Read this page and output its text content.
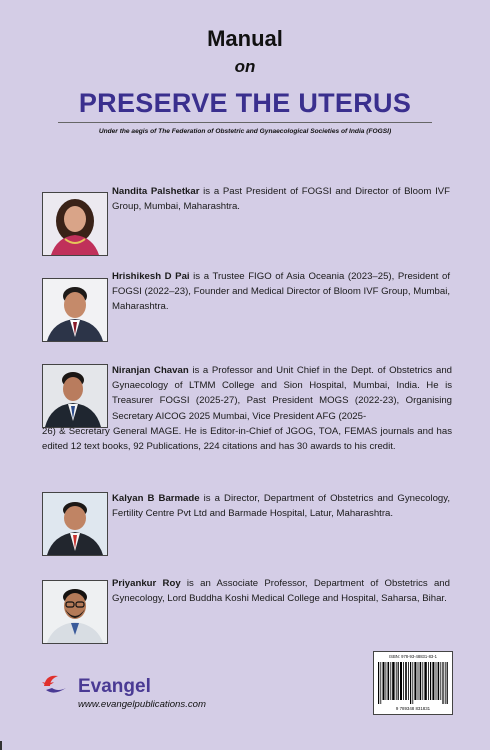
Manual
on
PRESERVE THE UTERUS
Under the aegis of The Federation of Obstetric and Gynaecological Societies of India (FOGSI)
Nandita Palshetkar is a Past President of FOGSI and Director of Bloom IVF Group, Mumbai, Maharashtra.
Hrishikesh D Pai is a Trustee FIGO of Asia Oceania (2023–25), President of FOGSI (2022–23), Founder and Medical Director of Bloom IVF Group, Mumbai, Maharashtra.
Niranjan Chavan is a Professor and Unit Chief in the Dept. of Obstetrics and Gynaecology of LTMM College and Sion Hospital, Mumbai, India. He is Treasurer FOGSI (2025-27), Past President MOGS (2022-23), Organising Secretary AICOG 2025 Mumbai, Vice President AFG (2025-
26) & Secretary General MAGE. He is Editor-in-Chief of JGOG, TOA, FEMAS journals and has edited 12 text books, 92 Publications, 224 citations and has 30 awards to his credit.
Kalyan B Barmade is a Director, Department of Obstetrics and Gynecology, Fertility Centre Pvt Ltd and Barmade Hospital, Latur, Maharashtra.
Priyankur Roy is an Associate Professor, Department of Obstetrics and Gynecology, Lord Buddha Koshi Medical College and Hospital, Saharsa, Bihar.
Evangel
www.evangelpublications.com
ISBN: 978-93-48831-83-1
9 789348 831831
